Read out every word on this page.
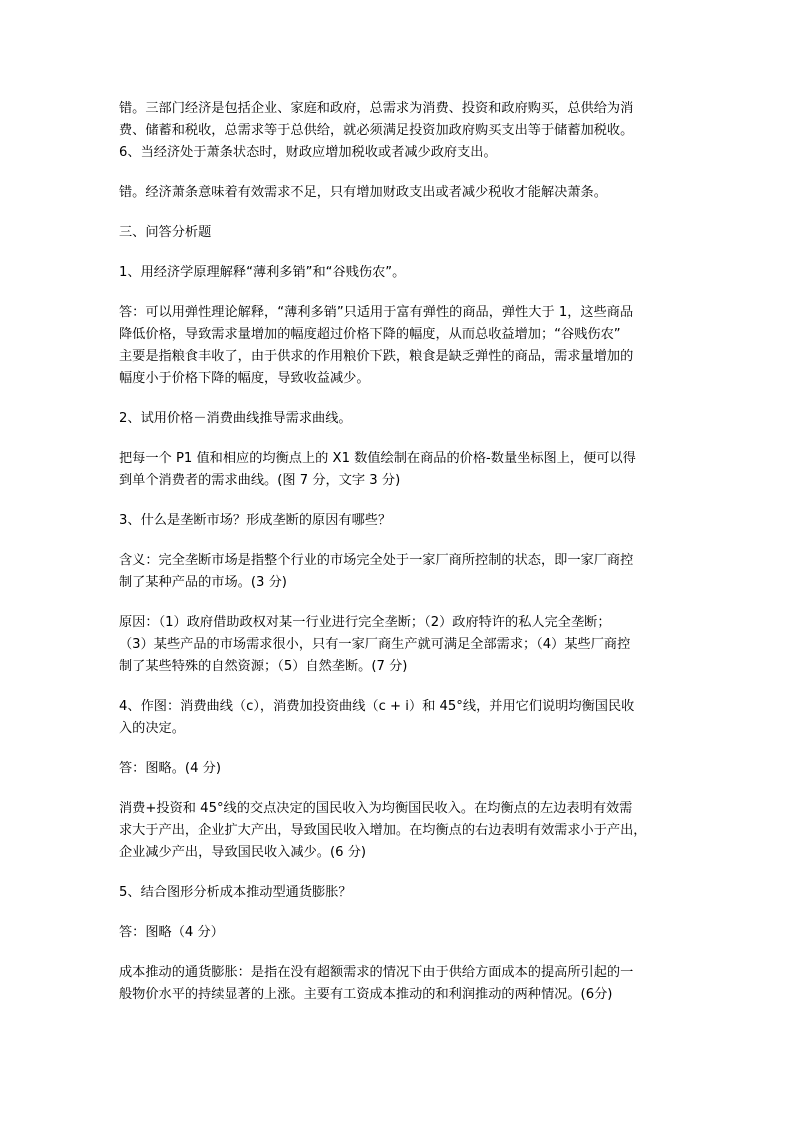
错。三部门经济是包括企业、家庭和政府，总需求为消费、投资和政府购买，总供给为消
费、储蓄和税收，总需求等于总供给，就必须满足投资加政府购买支出等于储蓄加税收。
6、当经济处于萧条状态时，财政应增加税收或者减少政府支出。

错。经济萧条意味着有效需求不足，只有增加财政支出或者减少税收才能解决萧条。

三、问答分析题

1、用经济学原理解释“薄利多销”和“谷贱伤农”。

答：可以用弹性理论解释，“薄利多销”只适用于富有弹性的商品，弹性大于 1，这些商品
降低价格，导致需求量增加的幅度超过价格下降的幅度，从而总收益增加；“谷贱伤农”
主要是指粮食丰收了，由于供求的作用粮价下跌，粮食是缺乏弹性的商品，需求量增加的
幅度小于价格下降的幅度，导致收益减少。

2、试用价格－消费曲线推导需求曲线。

把每一个 P1 值和相应的均衡点上的 X1 数值绘制在商品的价格-数量坐标图上，便可以得
到单个消费者的需求曲线。(图 7 分，文字 3 分)

3、什么是垄断市场？形成垄断的原因有哪些？

含义：完全垄断市场是指整个行业的市场完全处于一家厂商所控制的状态，即一家厂商控
制了某种产品的市场。(3 分)

原因：（1）政府借助政权对某一行业进行完全垄断；（2）政府特许的私人完全垄断；
（3）某些产品的市场需求很小，只有一家厂商生产就可满足全部需求；（4）某些厂商控
制了某些特殊的自然资源；（5）自然垄断。(7 分)

4、作图：消费曲线（c），消费加投资曲线（c + i）和 45°线，并用它们说明均衡国民收
入的决定。

答：图略。(4 分)

消费+投资和 45°线的交点决定的国民收入为均衡国民收入。在均衡点的左边表明有效需
求大于产出，企业扩大产出，导致国民收入增加。在均衡点的右边表明有效需求小于产出，
企业减少产出，导致国民收入减少。(6 分)

5、结合图形分析成本推动型通货膨胀？

答：图略（4 分）

成本推动的通货膨胀：是指在没有超额需求的情况下由于供给方面成本的提高所引起的一
般物价水平的持续显著的上涨。主要有工资成本推动的和利润推动的两种情况。(6分)
